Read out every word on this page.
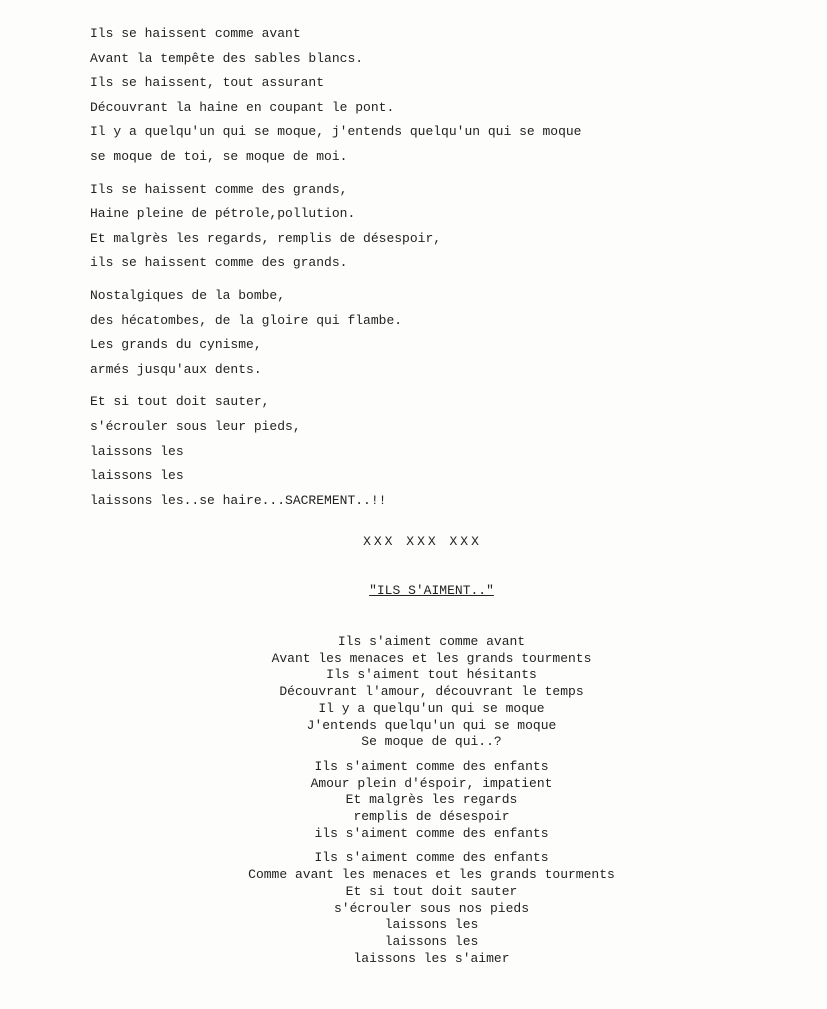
Ils se haissent comme avant
Avant la tempête des sables blancs.
Ils se haissent, tout assurant
Découvrant la haine en coupant le pont.
Il y a quelqu'un qui se moque, j'entends quelqu'un qui se moque
se moque de toi, se moque de moi.
Ils se haissent comme des grands,
Haine pleine de pétrole,pollution.
Et malgrès les regards, remplis de désespoir,
ils se haissent comme des grands.
Nostalgiques de la bombe,
des hécatombes, de la gloire qui flambe.
Les grands du cynisme,
armés jusqu'aux dents.
Et si tout doit sauter,
s'écrouler sous leur pieds,
laissons les
laissons les
laissons les..se haire...SACREMENT..!!
XXX XXX XXX
"ILS S'AIMENT.."
Ils s'aiment comme avant
Avant les menaces et les grands tourments
Ils s'aiment tout hésitants
Découvrant l'amour, découvrant le temps
Il y a quelqu'un qui se moque
J'entends quelqu'un qui se moque
Se moque de qui..?
Ils s'aiment comme des enfants
Amour plein d'éspoir, impatient
Et malgrès les regards
remplis de désespoir
ils s'aiment comme des enfants
Ils s'aiment comme des enfants
Comme avant les menaces et les grands tourments
Et si tout doit sauter
s'écrouler sous nos pieds
laissons les
laissons les
laissons les s'aimer
